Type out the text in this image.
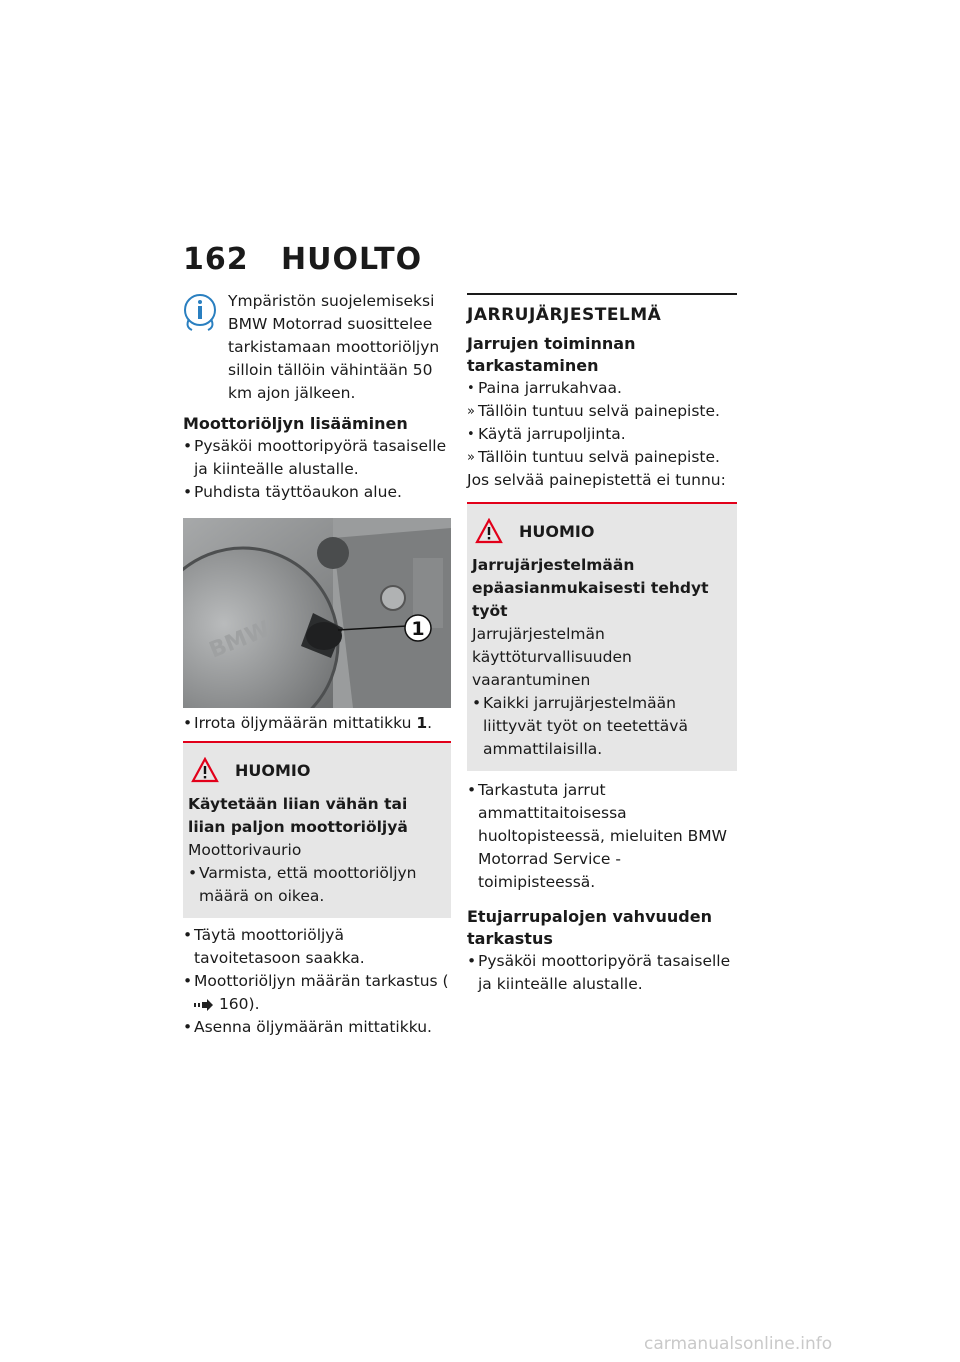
162 HUOLTO

Ympäristön suojelemiseksi

BMW Motorrad suosittelee tarkistamaan moottoriöljyn silloin tällöin vähintään 50 km ajon jälkeen.

Moottoriöljyn lisääminen
• Pysäköi moottoripyörä tasaiselle ja kiinteälle alustalle.
• Puhdista täyttöaukon alue.
1
BMW
• Irrota öljymäärän mittatikku 1.
HUOMIO
Käytetään liian vähän tai liian paljon moottoriöljyä

Moottorivaurio

• Varmista, että moottoriöljyn määrä on oikea.
• Täytä moottoriöljyä tavoitetasoon saakka.
• Moottoriöljyn määrän tarkastus ( 160).
• Asenna öljymäärän mittatikku.
JARRUJÄRJESTELMÄ
Jarrujen toiminnan tarkastaminen
• Paina jarrukahvaa.
» Tällöin tuntuu selvä painepiste.
• Käytä jarrupoljinta.
» Tällöin tuntuu selvä painepiste.

Jos selvää painepistettä ei tunnu:

HUOMIO
Jarrujärjestelmään epäasianmukaisesti tehdyt työt

Jarrujärjestelmän käyttöturvallisuuden vaarantuminen

• Kaikki jarrujärjestelmään liittyvät työt on teetettävä ammattilaisilla.
• Tarkastuta jarrut ammattitaitoisessa huoltopisteessä, mieluiten BMW Motorrad Service -toimipisteessä.
Etujarrupalojen vahvuuden tarkastus
• Pysäköi moottoripyörä tasaiselle ja kiinteälle alustalle.
carmanualsonline.info
